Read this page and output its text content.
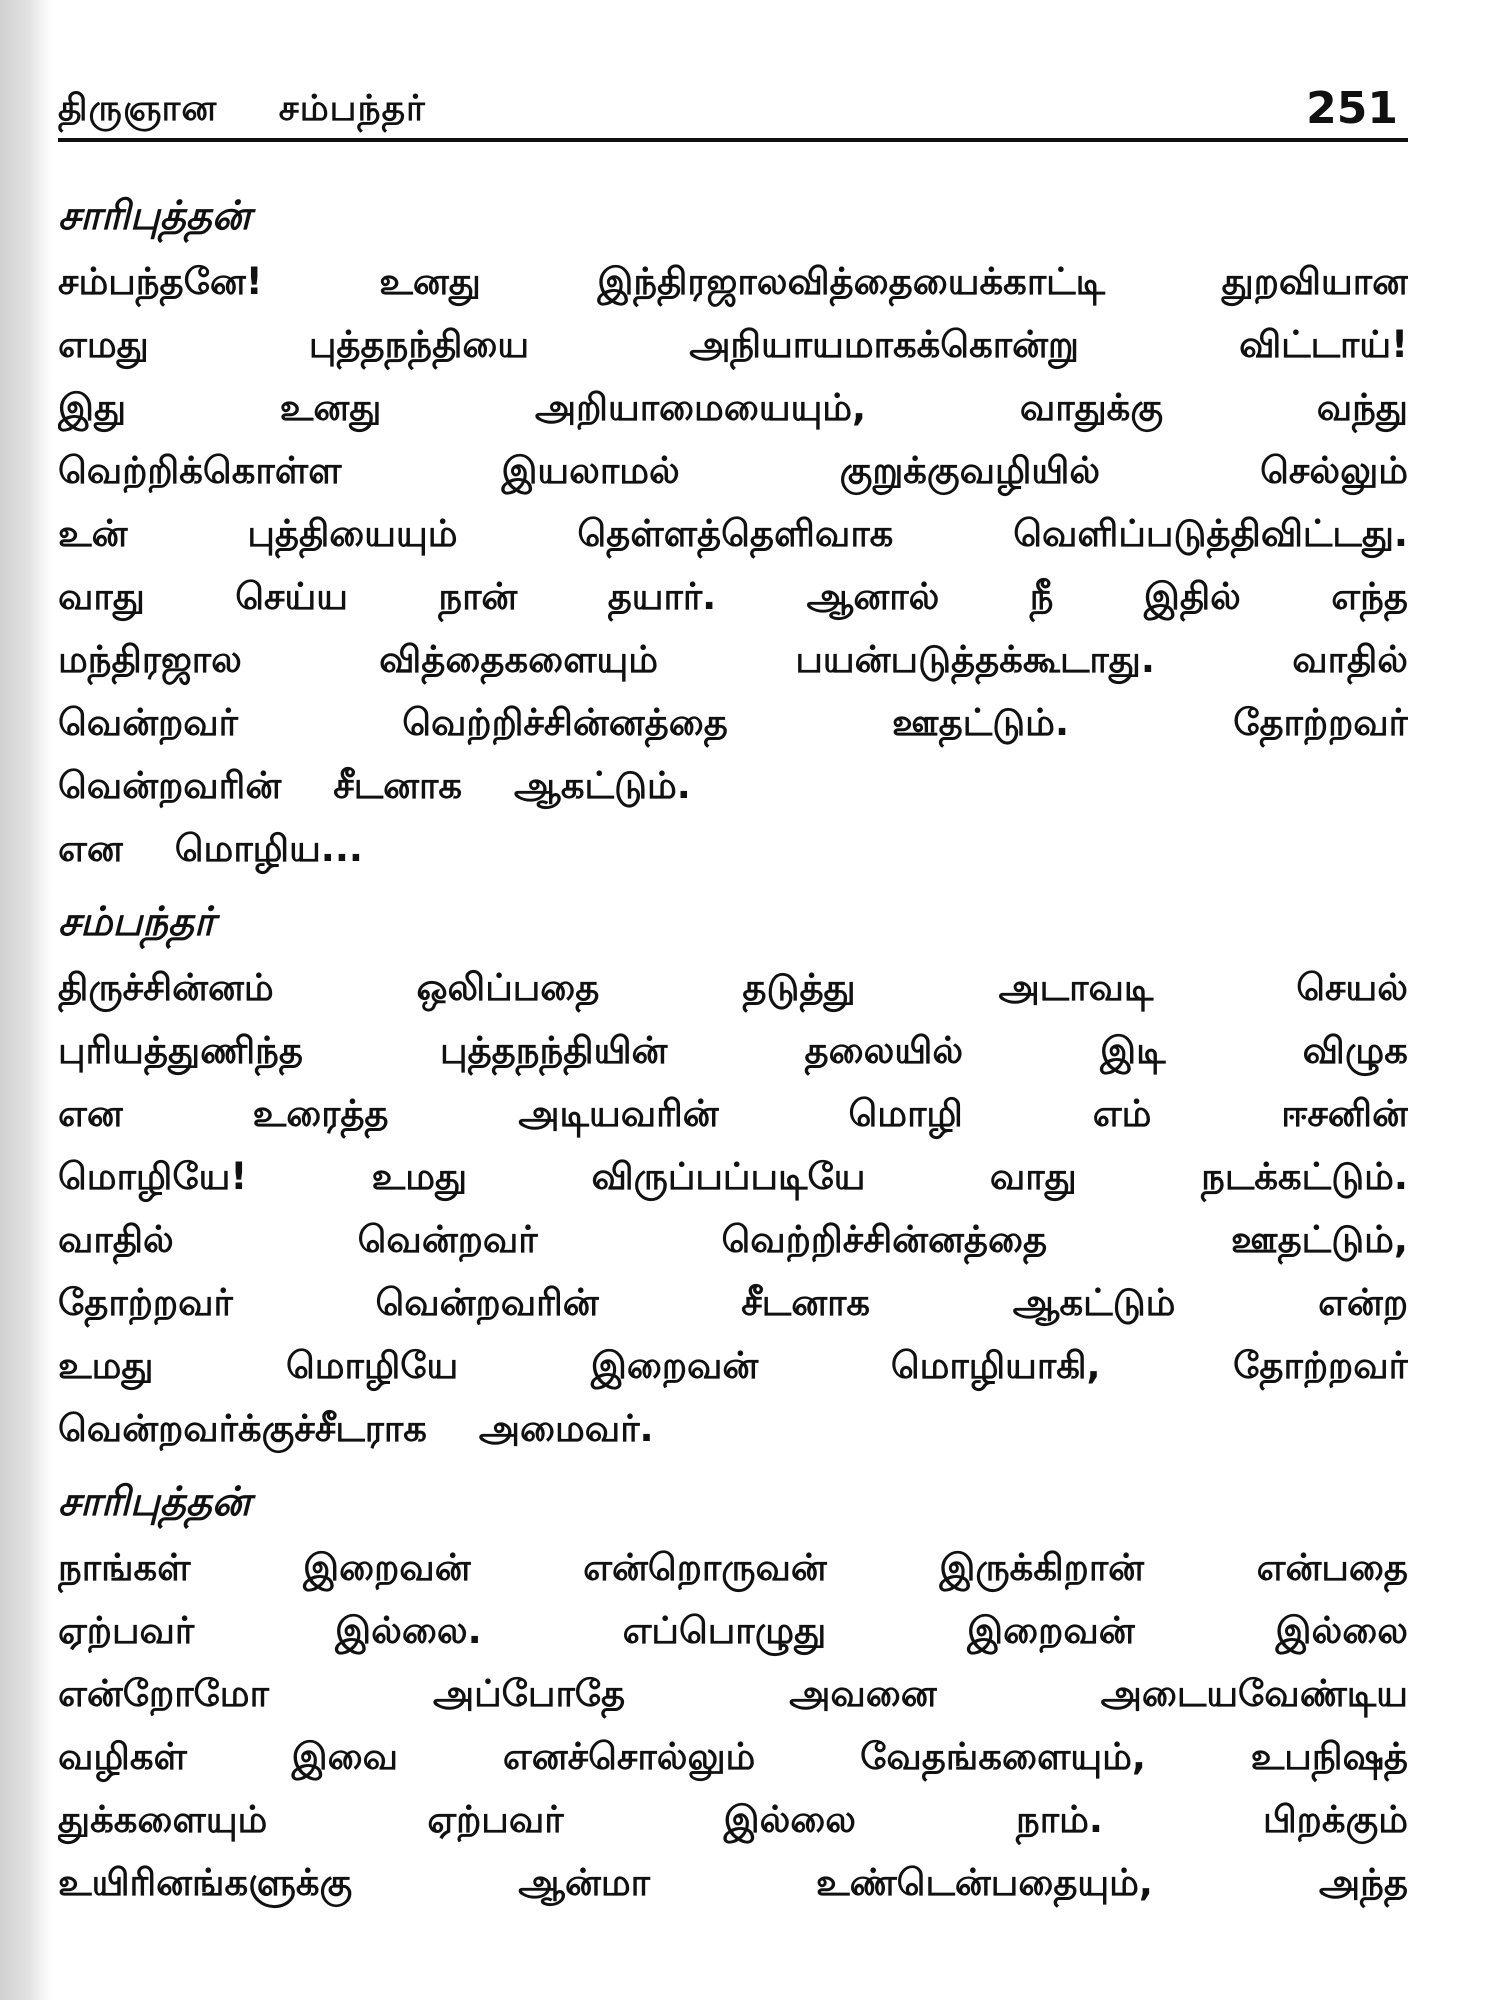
திருஞான சம்பந்தர்	251
சாரிபுத்தன்
சம்பந்தனே!	உனது	இந்திரஜாலவித்தையைக்காட்டி	துறவியான
எமது	புத்தநந்தியை	அநியாயமாகக்கொன்று	விட்டாய்!
இது	உனது	அறியாமையையும்,	வாதுக்கு	வந்து
வெற்றிக்கொள்ள	இயலாமல்	குறுக்குவழியில்	செல்லும்
உன்	புத்தியையும்	தெள்ளத்தெளிவாக	வெளிப்படுத்திவிட்டது.
வாது செய்ய நான் தயார். ஆனால் நீ இதில் எந்த
மந்திரஜால	வித்தைகளையும்	பயன்படுத்தக்கூடாது.	வாதில்
வென்றவர்	வெற்றிச்சின்னத்தை	ஊதட்டும்.	தோற்றவர்
வென்றவரின் சீடனாக ஆகட்டும்.
என மொழிய...
சம்பந்தர்
திருச்சின்னம்	ஒலிப்பதை	தடுத்து	அடாவடி	செயல்
புரியத்துணிந்த	புத்தநந்தியின்	தலையில்	இடி	விழுக
என	உரைத்த	அடியவரின்	மொழி	எம்	ஈசனின்
மொழியே!	உமது	விருப்பப்படியே	வாது	நடக்கட்டும்.
வாதில்	வென்றவர்	வெற்றிச்சின்னத்தை	ஊதட்டும்,
தோற்றவர்	வென்றவரின்	சீடனாக	ஆகட்டும்	என்ற
உமது	மொழியே	இறைவன்	மொழியாகி,	தோற்றவர்
வென்றவர்க்குச்சீடராக அமைவர்.
சாரிபுத்தன்
நாங்கள்	இறைவன்	என்றொருவன்	இருக்கிறான்	என்பதை
ஏற்பவர்	இல்லை.	எப்பொழுது	இறைவன்	இல்லை
என்றோமோ	அப்போதே	அவனை	அடையவேண்டிய
வழிகள்	இவை	எனச்சொல்லும்	வேதங்களையும்,	உபநிஷத்
துக்களையும்	ஏற்பவர்	இல்லை	நாம்.	பிறக்கும்
உயிரினங்களுக்கு	ஆன்மா	உண்டென்பதையும்,	அந்த
